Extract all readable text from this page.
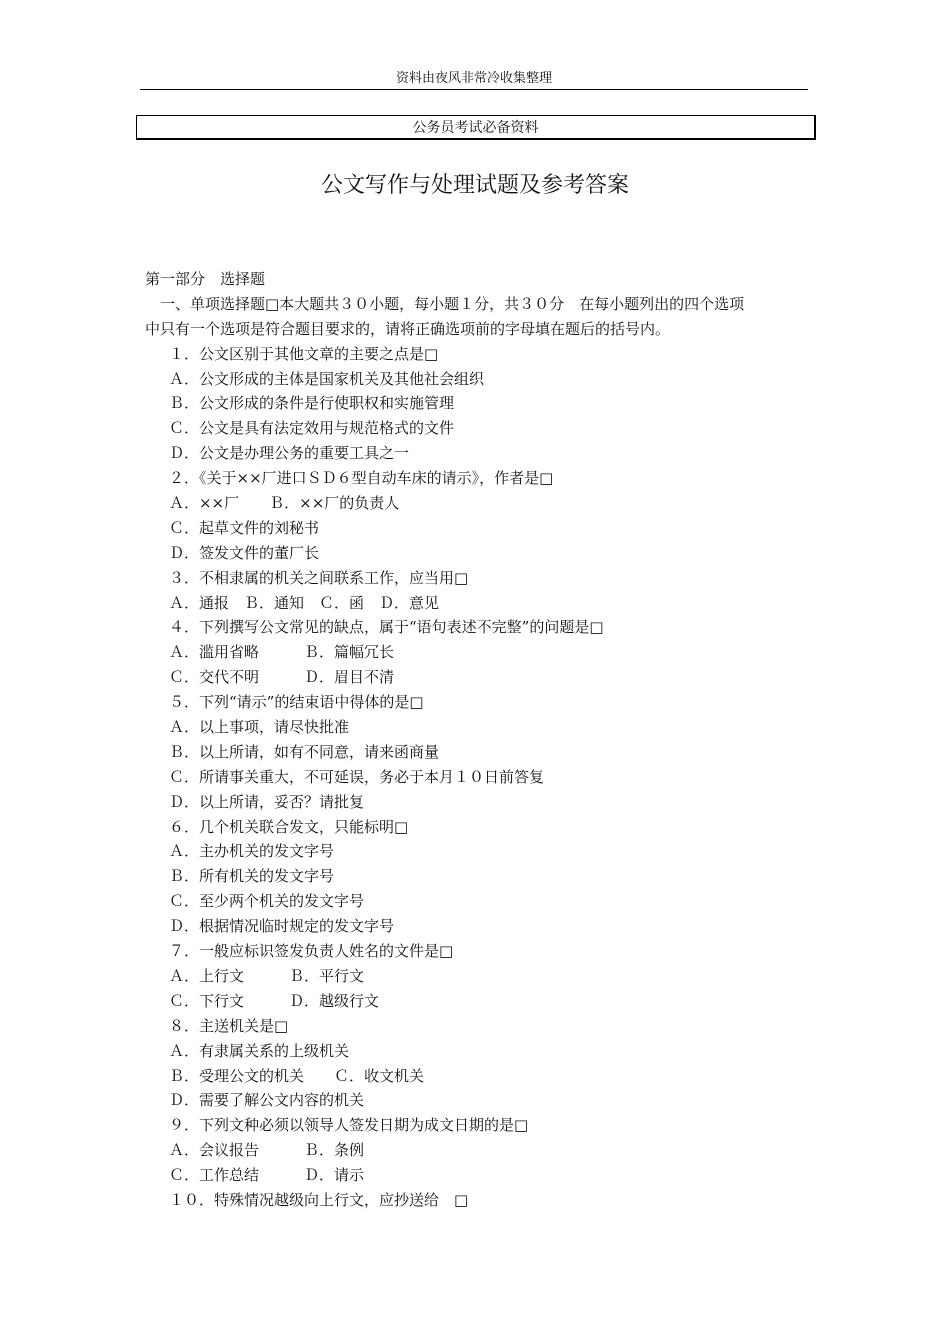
资料由夜风非常冷收集整理
公务员考试必备资料
公文写作与处理试题及参考答案

第一部分　选择题

　一、单项选择题□本大题共３０小题，每小题１分，共３０分　在每小题列出的四个选项

中只有一个选项是符合题目要求的，请将正确选项前的字母填在题后的括号内。

１．公文区别于其他文章的主要之点是□

Ａ．公文形成的主体是国家机关及其他社会组织

Ｂ．公文形成的条件是行使职权和实施管理

Ｃ．公文是具有法定效用与规范格式的文件

Ｄ．公文是办理公务的重要工具之一

２．《关于××厂进口ＳＤ６型自动车床的请示》，作者是□

Ａ．××厂　　Ｂ．××厂的负责人

Ｃ．起草文件的刘秘书

Ｄ．签发文件的董厂长

３．不相隶属的机关之间联系工作，应当用□

Ａ．通报　Ｂ．通知　Ｃ．函　Ｄ．意见

４．下列撰写公文常见的缺点，属于“语句表述不完整”的问题是□

Ａ．滥用省略　　　Ｂ．篇幅冗长

Ｃ．交代不明　　　Ｄ．眉目不清

５．下列“请示”的结束语中得体的是□

Ａ．以上事项，请尽快批准

Ｂ．以上所请，如有不同意，请来函商量

Ｃ．所请事关重大，不可延误，务必于本月１０日前答复

Ｄ．以上所请，妥否？请批复

６．几个机关联合发文，只能标明□

Ａ．主办机关的发文字号

Ｂ．所有机关的发文字号

Ｃ．至少两个机关的发文字号

Ｄ．根据情况临时规定的发文字号

７．一般应标识签发负责人姓名的文件是□

Ａ．上行文　　　Ｂ．平行文

Ｃ．下行文　　　Ｄ．越级行文

８．主送机关是□

Ａ．有隶属关系的上级机关

Ｂ．受理公文的机关　　Ｃ．收文机关

Ｄ．需要了解公文内容的机关

９．下列文种必须以领导人签发日期为成文日期的是□

Ａ．会议报告　　　Ｂ．条例

Ｃ．工作总结　　　Ｄ．请示

１０．特殊情况越级向上行文，应抄送给　□
